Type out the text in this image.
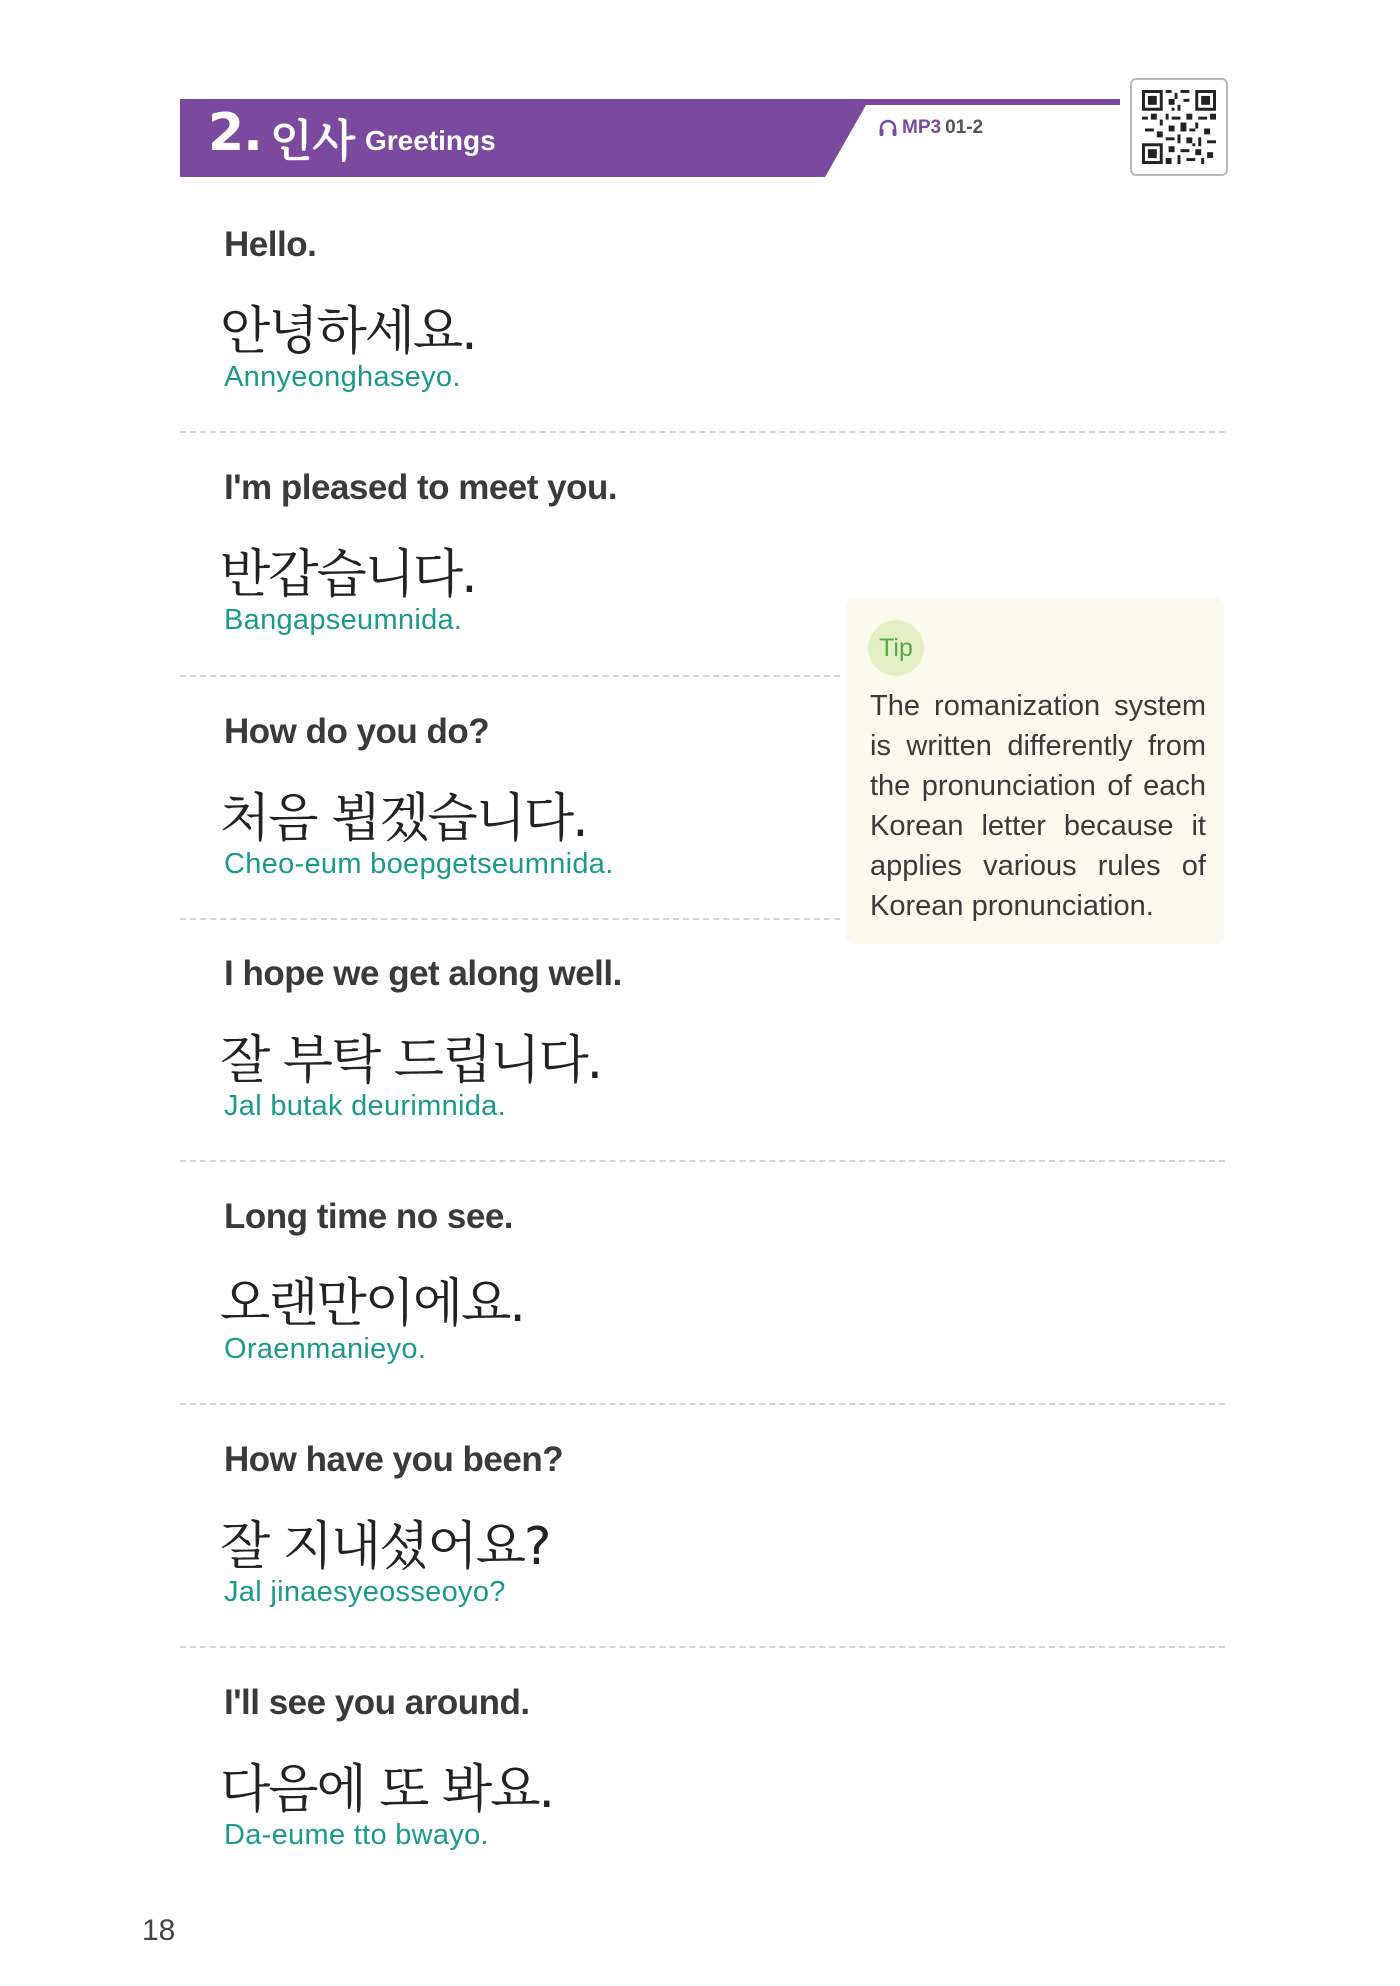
2. 인사 Greetings	MP3 01-2
Hello.
안녕하세요.
Annyeonghaseyo.
I'm pleased to meet you.
반갑습니다.
Bangapseumnida.
How do you do?
처음 뵙겠습니다.
Cheo-eum boepgetseumnida.
I hope we get along well.
잘 부탁 드립니다.
Jal butak deurimnida.
Long time no see.
오랜만이에요.
Oraenmanieyo.
How have you been?
잘 지내셨어요?
Jal jinaesyeosseoyo?
I'll see you around.
다음에 또 봐요.
Da-eume tto bwayo.
Tip
The romanization system is written differently from the pronunciation of each Korean letter because it applies various rules of Korean pronunciation.
18
